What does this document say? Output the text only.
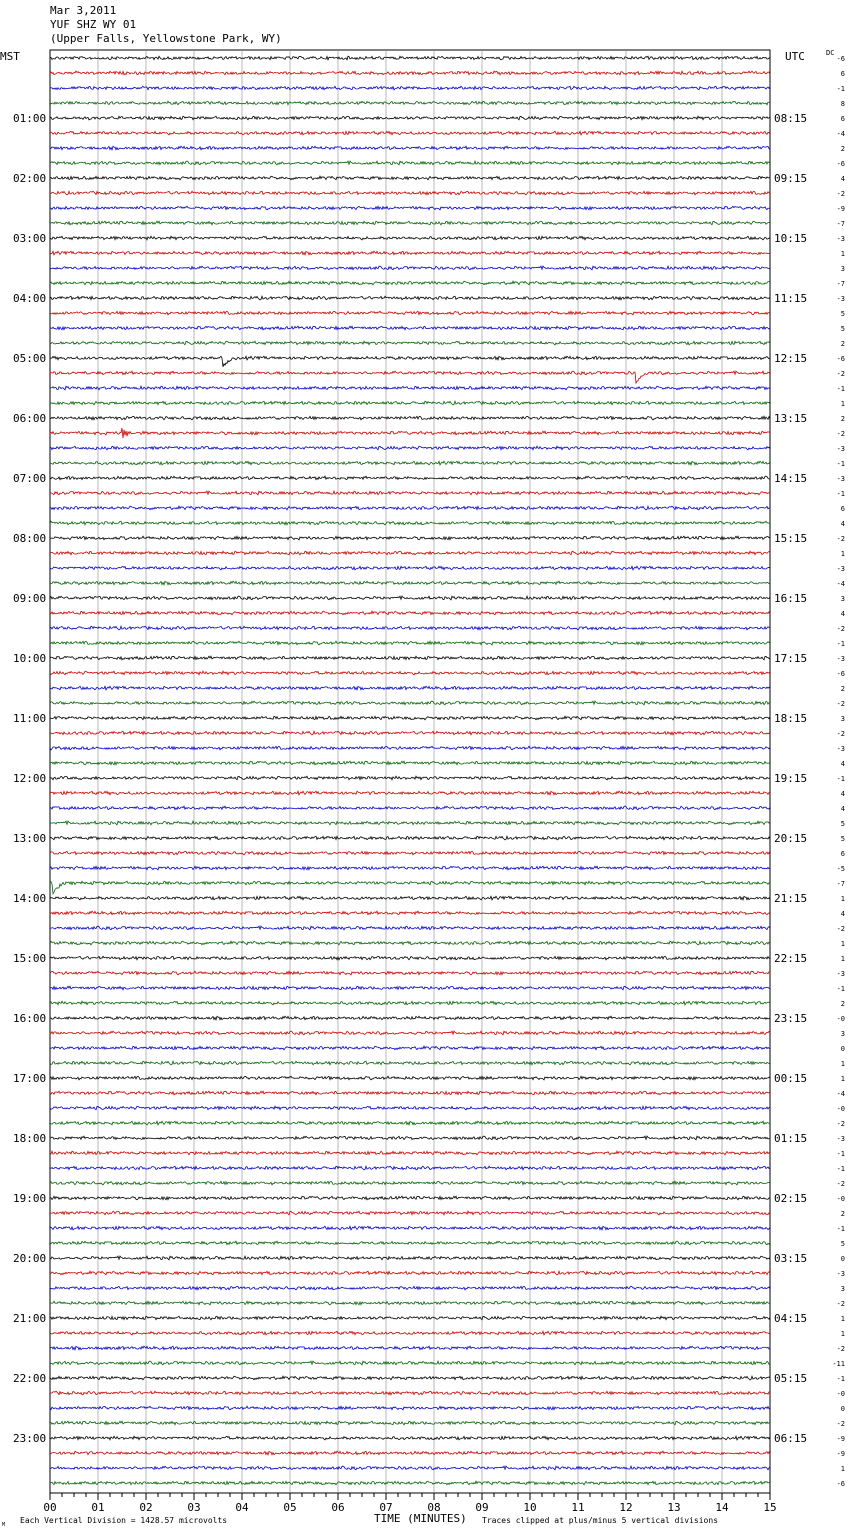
Mar 3,2011
YUF SHZ WY 01
(Upper Falls, Yellowstone Park, WY)
00	01	02	03	04	05	06	07	08	09	10	11	12	13	14	15
01:00
02:00
03:00
04:00
05:00
06:00
07:00
08:00
09:00
10:00
11:00
12:00
13:00
14:00
15:00
16:00
17:00
18:00
19:00
20:00
21:00
22:00
23:00
08:15
09:15
10:15
11:15
12:15
13:15
14:15
15:15
16:15
17:15
18:15
19:15
20:15
21:15
22:15
23:15
00:15
01:15
02:15
03:15
04:15
05:15
06:15
-6
6
-1
8
6
-4
2
-6
4
-2
-9
-7
-3
1
3
-7
-3
5
5
2
-6
-2
-1
1
2
-2
-3
-1
-3
-1
6
4
-2
1
-3
-4
3
4
-2
-1
-3
-6
2
-2
3
-2
-3
4
-1
4
4
5
5
6
-5
-7
1
4
-2
1
1
-3
-1
2
-0
3
0
1
1
-4
-0
-2
-3
-1
-1
-2
-0
2
-1
5
0
-3
3
-2
1
1
-2
-11
-1
-0
0
-2
-9
-9
1
-6
MST	UTC	DC
M Each Vertical Division = 1428.57 microvolts	TIME (MINUTES) Traces clipped at plus/minus 5 vertical divisions
